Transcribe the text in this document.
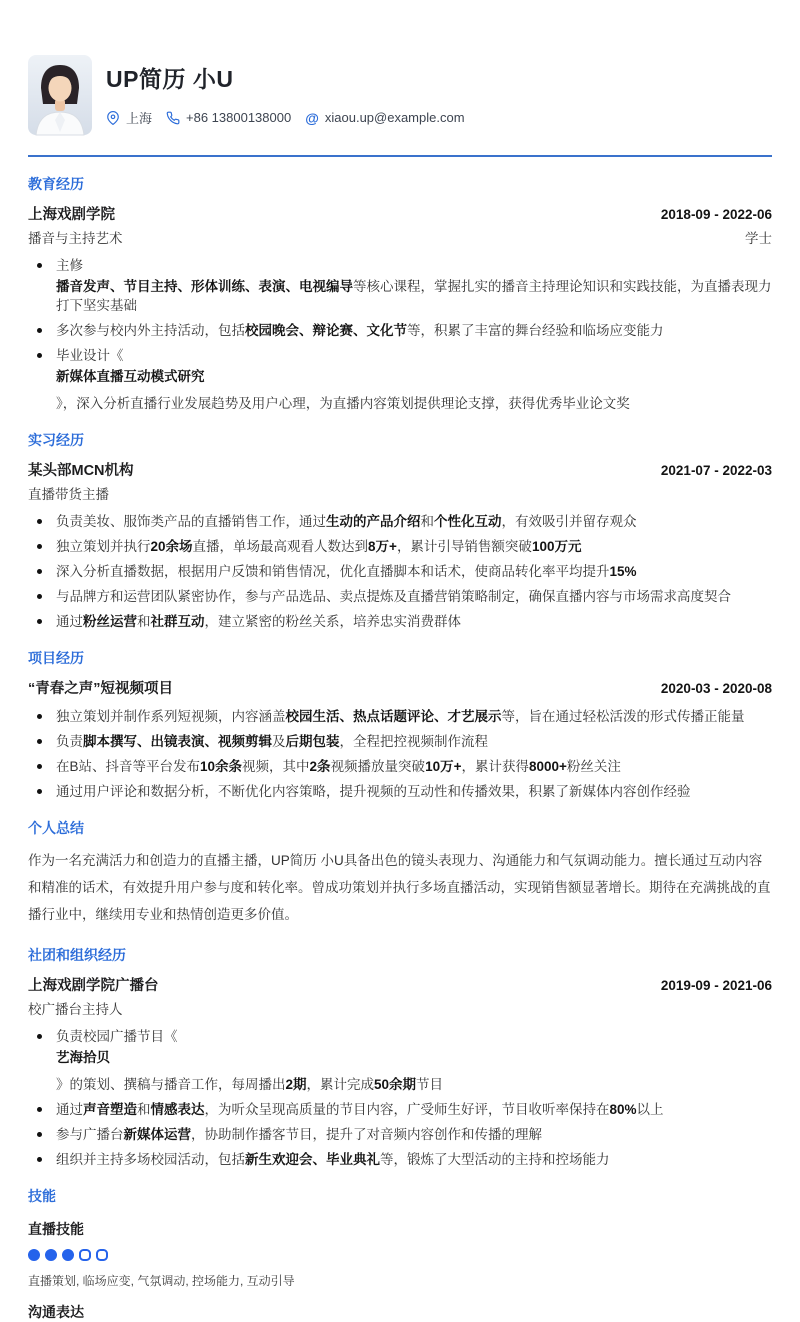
UP简历 小U
上海	+86 13800138000 @ xiaou.up@example.com
教育经历
上海戏剧学院	2018-09 - 2022-06
播音与主持艺术	学士
主修
播音发声、节目主持、形体训练、表演、电视编导等核心课程，掌握扎实的播音主持理论知识和实践技能，为直播表现力打下坚实基础
多次参与校内外主持活动，包括校园晚会、辩论赛、文化节等，积累了丰富的舞台经验和临场应变能力
毕业设计《
新媒体直播互动模式研究
》，深入分析直播行业发展趋势及用户心理，为直播内容策划提供理论支撑，获得优秀毕业论文奖
实习经历
某头部MCN机构	2021-07 - 2022-03
直播带货主播
负责美妆、服饰类产品的直播销售工作，通过生动的产品介绍和个性化互动，有效吸引并留存观众
独立策划并执行20余场直播，单场最高观看人数达到8万+，累计引导销售额突破100万元
深入分析直播数据，根据用户反馈和销售情况，优化直播脚本和话术，使商品转化率平均提升15%
与品牌方和运营团队紧密协作，参与产品选品、卖点提炼及直播营销策略制定，确保直播内容与市场需求高度契合
通过粉丝运营和社群互动，建立紧密的粉丝关系，培养忠实消费群体
项目经历
“青春之声”短视频项目	2020-03 - 2020-08
独立策划并制作系列短视频，内容涵盖校园生活、热点话题评论、才艺展示等，旨在通过轻松活泼的形式传播正能量
负责脚本撰写、出镜表演、视频剪辑及后期包装，全程把控视频制作流程
在B站、抖音等平台发布10余条视频，其中2条视频播放量突破10万+，累计获得8000+粉丝关注
通过用户评论和数据分析，不断优化内容策略，提升视频的互动性和传播效果，积累了新媒体内容创作经验
个人总结
作为一名充满活力和创造力的直播主播，UP简历 小U具备出色的镜头表现力、沟通能力和气氛调动能力。擅长通过互动内容和精准的话术，有效提升用户参与度和转化率。曾成功策划并执行多场直播活动，实现销售额显著增长。期待在充满挑战的直播行业中，继续用专业和热情创造更多价值。
社团和组织经历
上海戏剧学院广播台	2019-09 - 2021-06
校广播台主持人
负责校园广播节目《
艺海拾贝
》的策划、撰稿与播音工作，每周播出2期，累计完成50余期节目
通过声音塑造和情感表达，为听众呈现高质量的节目内容，广受师生好评，节目收听率保持在80%以上
参与广播台新媒体运营，协助制作播客节目，提升了对音频内容创作和传播的理解
组织并主持多场校园活动，包括新生欢迎会、毕业典礼等，锻炼了大型活动的主持和控场能力
技能
直播技能
直播策划, 临场应变, 气氛调动, 控场能力, 互动引导
沟通表达
